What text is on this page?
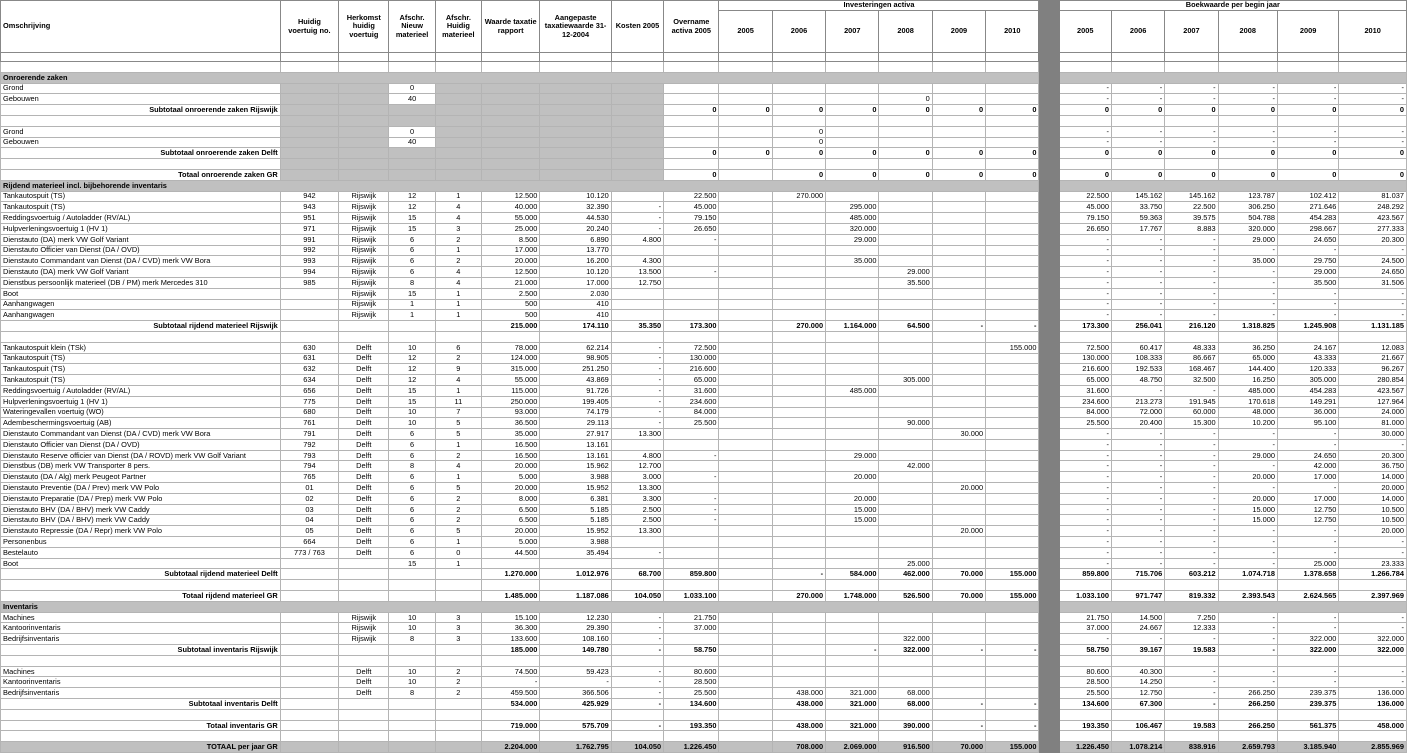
Omschrijving	Huidig voertuig no.	Herkomst huidig voertuig	Afschr. Nieuw materieel	Afschr. Huidig materieel	Waarde taxatie rapport	Aangepaste taxatiewaarde 31-12-2004	Kosten 2005	Overname activa 2005	Investeringen activa							Boekwaarde per begin jaar					
									2005	2006	2007	2008	2009	2010		2005	2006	2007	2008	2009	2010

Onroerende zaken																					
Grond			0													-	-	-	-	-	-
Gebouwen			40									0				-	-	-	-	-	-
Subtotaal onroerende zaken Rijswijk								0	0	0	0	0	0	0		0	0	0	0	0	0

Grond			0							0						-	-	-	-	-	-
Gebouwen			40							0						-	-	-	-	-	-
Subtotaal onroerende zaken Delft								0	0	0	0	0	0	0		0	0	0	0	0	0

Totaal onroerende zaken GR								0		0	0	0	0	0		0	0	0	0	0	0
Rijdend materieel incl. bijbehorende inventaris																					
Tankautospuit (TS)	942	Rijswijk	12	1	12.500	10.120		22.500		270.000						22.500	145.162	145.162	123.787	102.412	81.037
Tankautospuit (TS)	943	Rijswijk	12	4	40.000	32.390	-	45.000			295.000					45.000	33.750	22.500	306.250	271.646	248.292
Reddingsvoertuig / Autoladder (RV/AL)	951	Rijswijk	15	4	55.000	44.530	-	79.150			485.000					79.150	59.363	39.575	504.788	454.283	423.567
Hulpverleningsvoertuig 1 (HV 1)	971	Rijswijk	15	3	25.000	20.240	-	26.650			320.000					26.650	17.767	8.883	320.000	298.667	277.333
Dienstauto (DA) merk VW Golf Variant	991	Rijswijk	6	2	8.500	6.890	4.800	-			29.000					-	-	-	29.000	24.650	20.300
Dienstauto Officier van Dienst (DA / OVD)	992	Rijswijk	6	1	17.000	13.770										-	-	-	-	-	-
Dienstauto Commandant van Dienst (DA / CVD) merk VW Bora	993	Rijswijk	6	2	20.000	16.200	4.300				35.000					-	-	-	35.000	29.750	24.500
Dienstauto (DA) merk VW Golf Variant	994	Rijswijk	6	4	12.500	10.120	13.500	-				29.000				-	-	-	-	29.000	24.650
Dienstbus persoonlijk materieel (DB / PM) merk Mercedes 310	985	Rijswijk	8	4	21.000	17.000	12.750					35.500				-	-	-	-	35.500	31.506
Boot		Rijswijk	15	1	2.500	2.030										-	-	-	-	-	-
Aanhangwagen		Rijswijk	1	1	500	410										-	-	-	-	-	-
Aanhangwagen		Rijswijk	1	1	500	410										-	-	-	-	-	-
Subtotaal rijdend materieel Rijswijk					215.000	174.110	35.350	173.300		270.000	1.164.000	64.500	-	-		173.300	256.041	216.120	1.318.825	1.245.908	1.131.185

Tankautospuit klein (TSk)	630	Delft	10	6	78.000	62.214	-	72.500						155.000		72.500	60.417	48.333	36.250	24.167	12.083
Tankautospuit (TS)	631	Delft	12	2	124.000	98.905	-	130.000								130.000	108.333	86.667	65.000	43.333	21.667
Tankautospuit (TS)	632	Delft	12	9	315.000	251.250	-	216.600								216.600	192.533	168.467	144.400	120.333	96.267
Tankautospuit (TS)	634	Delft	12	4	55.000	43.869	-	65.000				305.000				65.000	48.750	32.500	16.250	305.000	280.854
Reddingsvoertuig / Autoladder (RV/AL)	656	Delft	15	1	115.000	91.726	-	31.600			485.000					31.600	-	-	485.000	454.283	423.567
Hulpverleningsvoertuig 1 (HV 1)	775	Delft	15	11	250.000	199.405	-	234.600								234.600	213.273	191.945	170.618	149.291	127.964
Wateringevallen voertuig (WO)	680	Delft	10	7	93.000	74.179	-	84.000								84.000	72.000	60.000	48.000	36.000	24.000
Adembeschermingsvoertuig (AB)	761	Delft	10	5	36.500	29.113	-	25.500				90.000				25.500	20.400	15.300	10.200	95.100	81.000
Dienstauto Commandant van Dienst (DA / CVD) merk VW Bora	791	Delft	6	5	35.000	27.917	13.300						30.000			-	-	-	-	-	30.000
Dienstauto Officier van Dienst (DA / OVD)	792	Delft	6	1	16.500	13.161										-	-	-	-	-	-
Dienstauto Reserve officier van Dienst (DA / ROVD) merk VW Golf Variant	793	Delft	6	2	16.500	13.161	4.800	-			29.000					-	-	-	29.000	24.650	20.300
Dienstbus (DB) merk VW Transporter 8 pers.	794	Delft	8	4	20.000	15.962	12.700					42.000				-	-	-	-	42.000	36.750
Dienstauto (DA / Alg) merk Peugeot Partner	765	Delft	6	1	5.000	3.988	3.000	-			20.000					-	-	-	20.000	17.000	14.000
Dienstauto Preventie (DA / Prev) merk VW Polo	01	Delft	6	5	20.000	15.952	13.300						20.000			-	-	-	-	-	20.000
Dienstauto Preparatie (DA / Prep) merk VW Polo	02	Delft	6	2	8.000	6.381	3.300	-			20.000					-	-	-	20.000	17.000	14.000
Dienstauto BHV (DA / BHV) merk VW Caddy	03	Delft	6	2	6.500	5.185	2.500	-			15.000					-	-	-	15.000	12.750	10.500
Dienstauto BHV (DA / BHV) merk VW Caddy	04	Delft	6	2	6.500	5.185	2.500	-			15.000					-	-	-	15.000	12.750	10.500
Dienstauto Repressie (DA / Repr) merk VW Polo	05	Delft	6	5	20.000	15.952	13.300						20.000			-	-	-	-	-	20.000
Personenbus	664	Delft	6	1	5.000	3.988										-	-	-	-	-	-
Bestelauto	773 / 763	Delft	6	0	44.500	35.494	-									-	-	-	-	-	-
Boot			15	1								25.000				-	-	-	-	25.000	23.333
Subtotaal rijdend materieel Delft					1.270.000	1.012.976	68.700	859.800		-	584.000	462.000	70.000	155.000		859.800	715.706	603.212	1.074.718	1.378.658	1.266.784

Totaal rijdend materieel GR					1.485.000	1.187.086	104.050	1.033.100		270.000	1.748.000	526.500	70.000	155.000		1.033.100	971.747	819.332	2.393.543	2.624.565	2.397.969
Inventaris																					
Machines		Rijswijk	10	3	15.100	12.230	-	21.750								21.750	14.500	7.250	-	-	-
Kantoorinventaris		Rijswijk	10	3	36.300	29.390	-	37.000								37.000	24.667	12.333	-	-	-
Bedrijfsinventaris		Rijswijk	8	3	133.600	108.160	-					322.000				-	-	-	-	322.000	322.000
Subtotaal inventaris Rijswijk					185.000	149.780	-	58.750			-	322.000	-	-		58.750	39.167	19.583	-	322.000	322.000

Machines		Delft	10	2	74.500	59.423	-	80.600								80.600	40.300	-	-	-	-
Kantoorinventaris		Delft	10	2	-	-	-	28.500								28.500	14.250	-	-	-	-
Bedrijfsinventaris		Delft	8	2	459.500	366.506	-	25.500		438.000	321.000	68.000				25.500	12.750	-	266.250	239.375	136.000
Subtotaal inventaris Delft					534.000	425.929	-	134.600		438.000	321.000	68.000	-	-		134.600	67.300	-	266.250	239.375	136.000

Totaal inventaris GR					719.000	575.709	-	193.350		438.000	321.000	390.000	-	-		193.350	106.467	19.583	266.250	561.375	458.000

TOTAAL per jaar GR					2.204.000	1.762.795	104.050	1.226.450		708.000	2.069.000	916.500	70.000	155.000		1.226.450	1.078.214	838.916	2.659.793	3.185.940	2.855.969
